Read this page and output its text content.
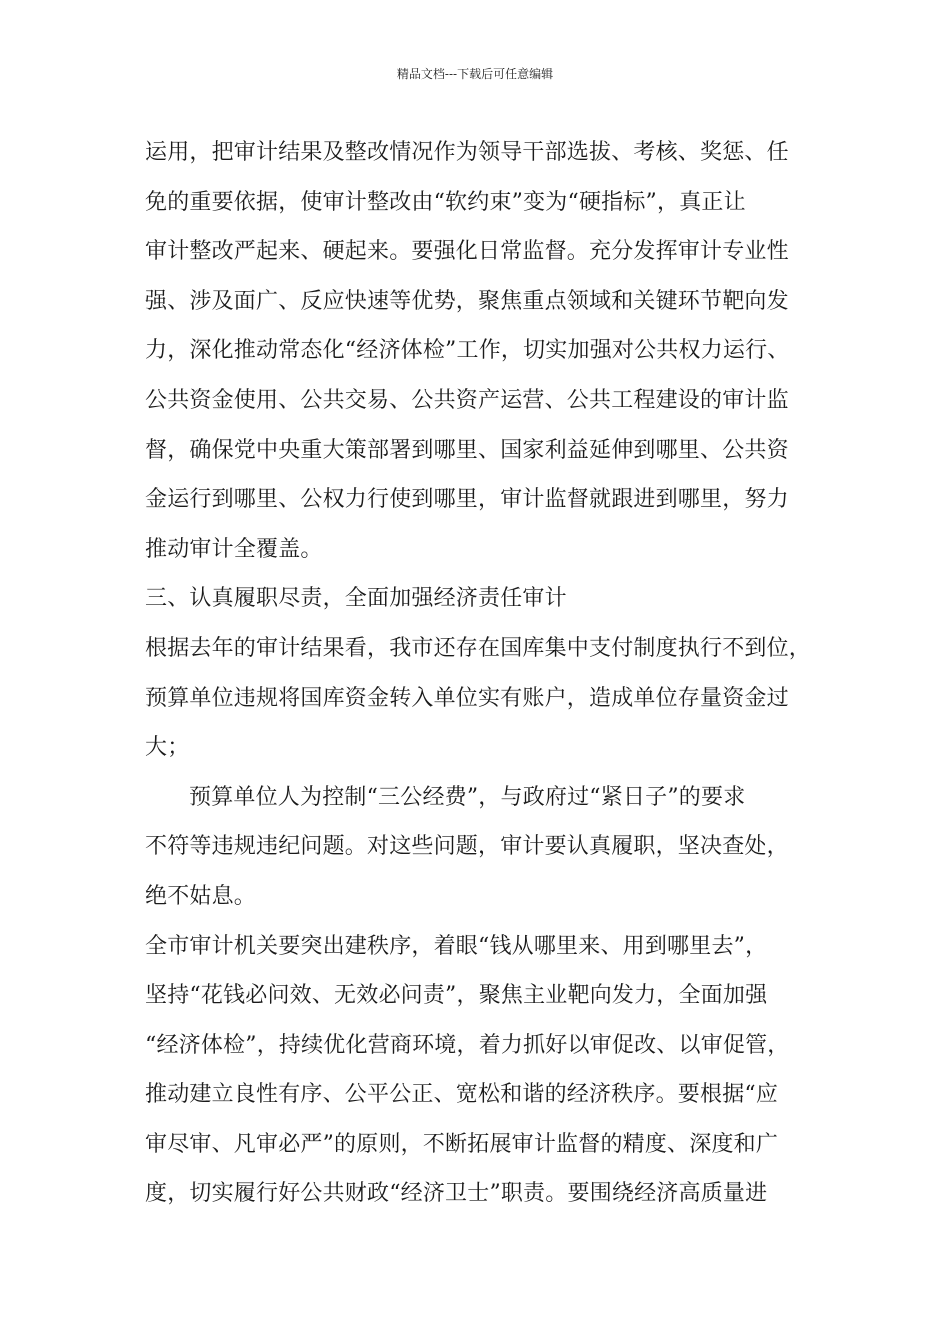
精品文档---下载后可任意编辑
运用，把审计结果及整改情况作为领导干部选拔、考核、奖惩、任
免的重要依据，使审计整改由“软约束”变为“硬指标”，真正让
审计整改严起来、硬起来。要强化日常监督。充分发挥审计专业性
强、涉及面广、反应快速等优势，聚焦重点领域和关键环节靶向发
力，深化推动常态化“经济体检”工作，切实加强对公共权力运行、
公共资金使用、公共交易、公共资产运营、公共工程建设的审计监
督，确保党中央重大策部署到哪里、国家利益延伸到哪里、公共资
金运行到哪里、公权力行使到哪里，审计监督就跟进到哪里，努力
推动审计全覆盖。
三、认真履职尽责，全面加强经济责任审计
根据去年的审计结果看，我市还存在国库集中支付制度执行不到位，
预算单位违规将国库资金转入单位实有账户，造成单位存量资金过
大；
预算单位人为控制“三公经费”，与政府过“紧日子”的要求
不符等违规违纪问题。对这些问题，审计要认真履职，坚决查处，
绝不姑息。
全市审计机关要突出建秩序，着眼“钱从哪里来、用到哪里去”，
坚持“花钱必问效、无效必问责”，聚焦主业靶向发力，全面加强
“经济体检”，持续优化营商环境，着力抓好以审促改、以审促管，
推动建立良性有序、公平公正、宽松和谐的经济秩序。要根据“应
审尽审、凡审必严”的原则，不断拓展审计监督的精度、深度和广
度，切实履行好公共财政“经济卫士”职责。要围绕经济高质量进
